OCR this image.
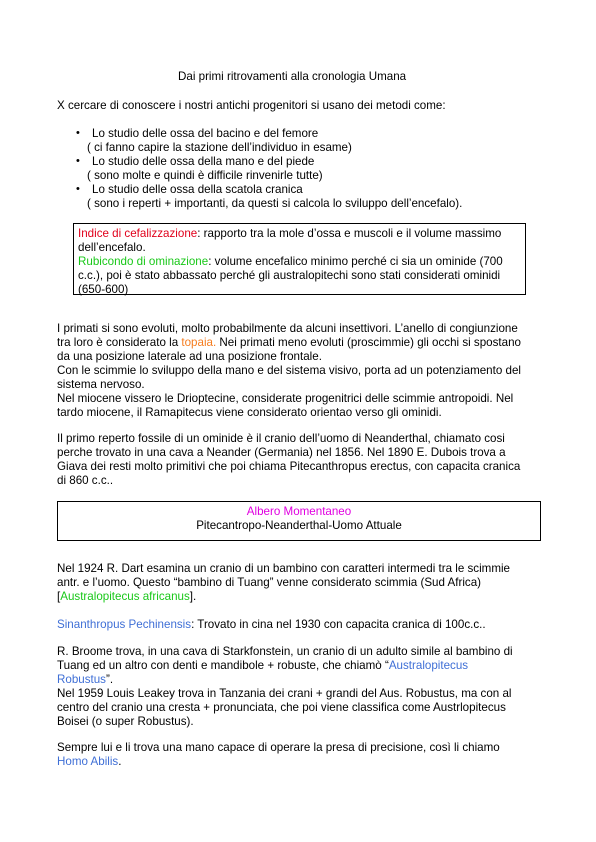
Dai primi ritrovamenti alla cronologia Umana

X cercare di conoscere i nostri antichi progenitori si usano dei metodi come:

• Lo studio delle ossa del bacino e del femore
( ci fanno capire la stazione dell’individuo in esame)
• Lo studio delle ossa della mano e del piede
( sono molte e quindi è difficile rinvenirle tutte)
• Lo studio delle ossa della scatola cranica
( sono i reperti + importanti, da questi si calcola lo sviluppo dell’encefalo).

Indice di cefalizzazione: rapporto tra la mole d’ossa e muscoli e il volume massimo

dell’encefalo.

Rubicondo di ominazione: volume encefalico minimo perché ci sia un ominide (700

c.c.), poi è stato abbassato perché gli australopitechi sono stati considerati ominidi

(650-600)

I primati si sono evoluti, molto probabilmente da alcuni insettivori. L’anello di congiunzione

tra loro è considerato la topaia. Nei primati meno evoluti (proscimmie) gli occhi si spostano

da una posizione laterale ad una posizione frontale.

Con le scimmie lo sviluppo della mano e del sistema visivo, porta ad un potenziamento del

sistema nervoso.

Nel miocene vissero le Drioptecine, considerate progenitrici delle scimmie antropoidi. Nel

tardo miocene, il Ramapitecus viene considerato orientao verso gli ominidi.

Il primo reperto fossile di un ominide è il cranio dell’uomo di Neanderthal, chiamato cosi

perche trovato in una cava a Neander (Germania) nel 1856. Nel 1890 E. Dubois trova a

Giava dei resti molto primitivi che poi chiama Pitecanthropus erectus, con capacita cranica

di 860 c.c..

Albero Momentaneo

Pitecantropo-Neanderthal-Uomo Attuale

Nel 1924 R. Dart esamina un cranio di un bambino con caratteri intermedi tra le scimmie

antr. e l’uomo. Questo “bambino di Tuang” venne considerato scimmia (Sud Africa)

[Australopitecus africanus].

Sinanthropus Pechinensis: Trovato in cina nel 1930 con capacita cranica di 100c.c..

R. Broome trova, in una cava di Starkfonstein, un cranio di un adulto simile al bambino di

Tuang ed un altro con denti e mandibole + robuste, che chiamò “Australopitecus

Robustus”.

Nel 1959 Louis Leakey trova in Tanzania dei crani + grandi del Aus. Robustus, ma con al

centro del cranio una cresta + pronunciata, che poi viene classifica come Austrlopitecus

Boisei (o super Robustus).

Sempre lui e li trova una mano capace di operare la presa di precisione, così li chiamo

Homo Abilis.
